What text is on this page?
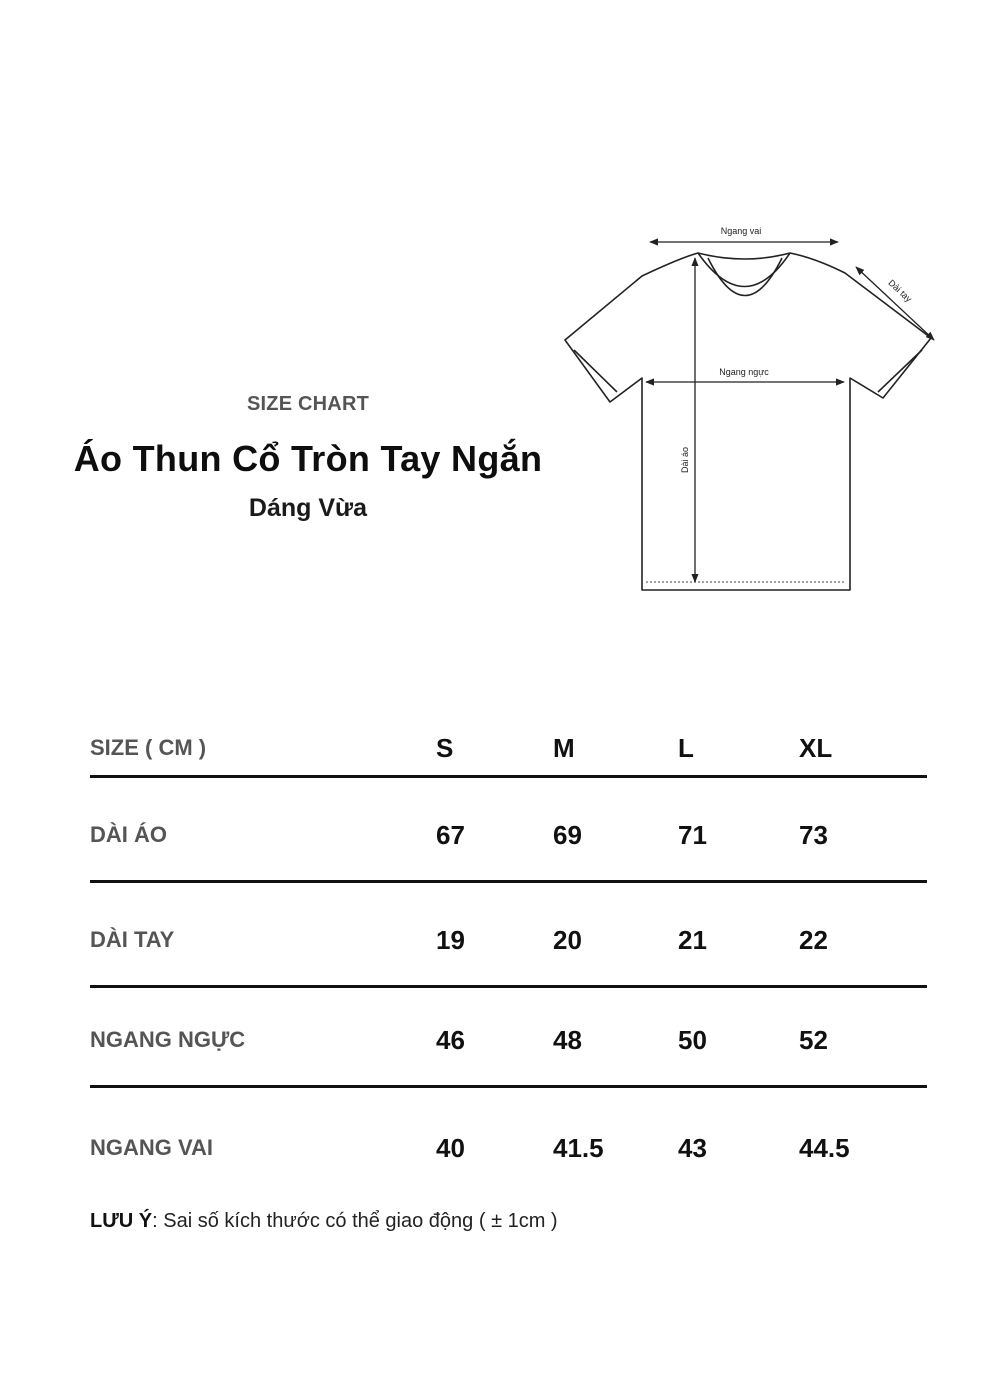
SIZE CHART
Áo Thun Cổ Tròn Tay Ngắn
Dáng Vừa
Ngang vai
Dài tay
Ngang ngực
Dài áo
SIZE ( CM )	S	M	L	XL
DÀI ÁO	67	69	71	73
DÀI TAY	19	20	21	22
NGANG NGỰC	46	48	50	52
NGANG VAI	40	41.5	43	44.5
LƯU Ý: Sai số kích thước có thể giao động ( ± 1cm )
